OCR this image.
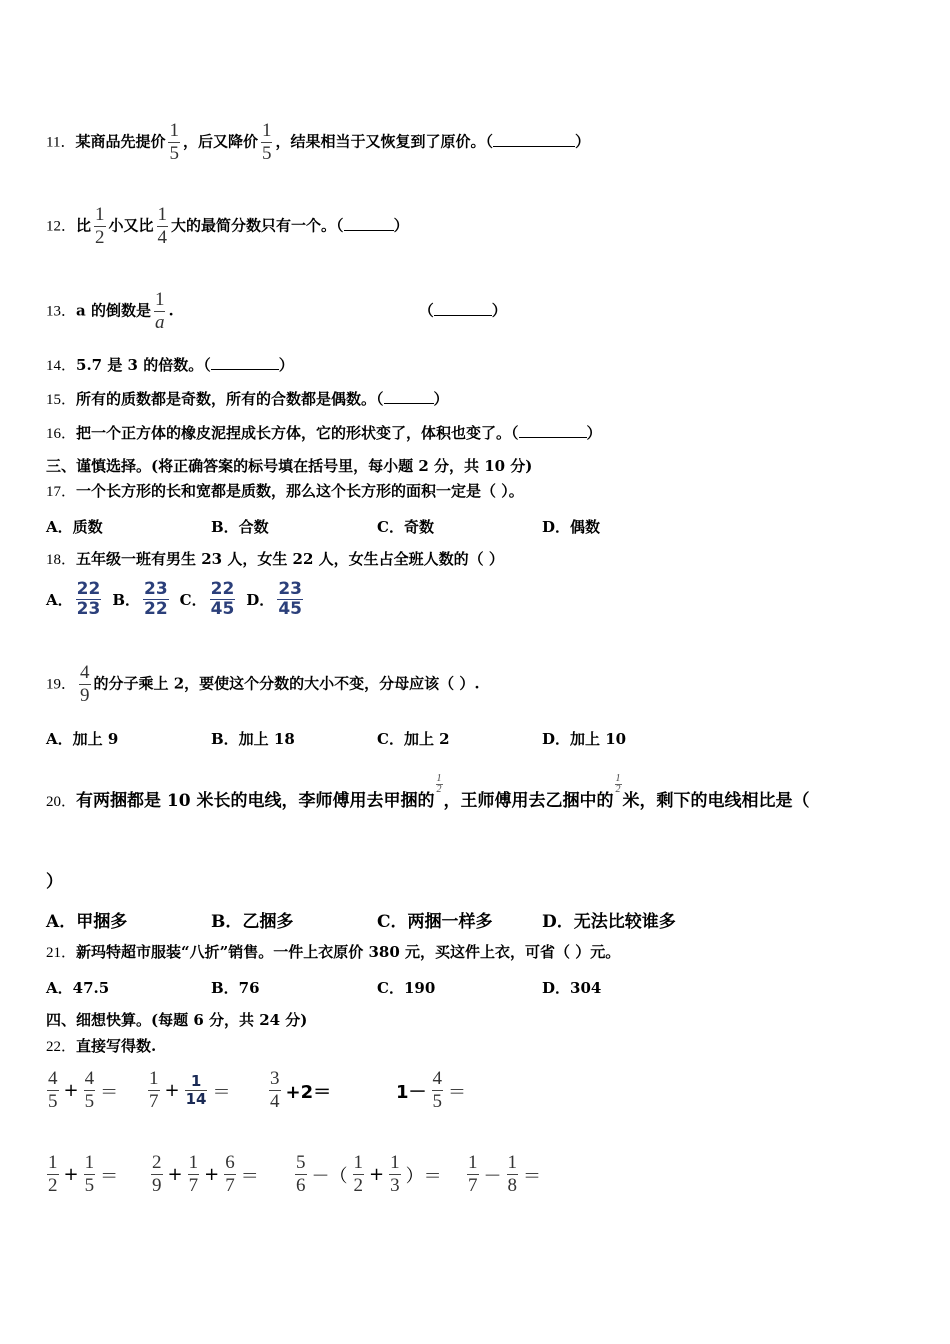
11．某商品先提价 $\frac{1}{5}$ ，后又降价 $\frac{1}{5}$ ，结果相当于又恢复到了原价。（	）
12．比 $\frac{1}{2}$ 小又比 $\frac{1}{4}$ 大的最简分数只有一个。（	）
13．a 的倒数是 $\frac{1}{a}$ .	（	）
14．5.7 是 3 的倍数。（	）
15．所有的质数都是奇数，所有的合数都是偶数。（	）
16．把一个正方体的橡皮泥捏成长方体，它的形状变了，体积也变了。（	）
三、谨慎选择。(将正确答案的标号填在括号里，每小题 2 分，共 10 分)
17．一个长方形的长和宽都是质数，那么这个长方形的面积一定是（ ）。
A．质数	B．合数	C．奇数	D．偶数
18．五年级一班有男生 23 人，女生 22 人，女生占全班人数的（ ）
A． $\frac{22}{23}$ B． $\frac{23}{22}$ C． $\frac{22}{45}$ D． $\frac{23}{45}$
19． $\frac{4}{9}$ 的分子乘上 2，要使这个分数的大小不变，分母应该（ ）.
A．加上 9	B．加上 18	C．加上 2	D．加上 10
20．有两捆都是 10 米长的电线，李师傅用去甲捆的
$\frac{1}{2}$
，王师傅用去乙捆中的
$\frac{1}{2}$
米，剩下的电线相比是（
）
A．甲捆多	B．乙捆多	C．两捆一样多	D．无法比较谁多
21．新玛特超市服装“八折”销售。一件上衣原价 380 元，买这件上衣，可省（ ）元。
A．47.5	B．76	C．190	D．304
四、细想快算。(每题 6 分，共 24 分)
22．直接写得数.
$\frac{4}{5} + \frac{4}{5} = \frac{1}{7} + \frac{1}{14} = \frac{3}{4} +2=$	$1- \frac{4}{5}$ ＝
$\frac{1}{2} + \frac{1}{5} = \frac{2}{9} + \frac{1}{7} + \frac{6}{7} = \frac{5}{6}$ －（ $\frac{1}{2} + \frac{1}{3}$ ）＝ $\frac{1}{7} - \frac{1}{8}$ ＝
